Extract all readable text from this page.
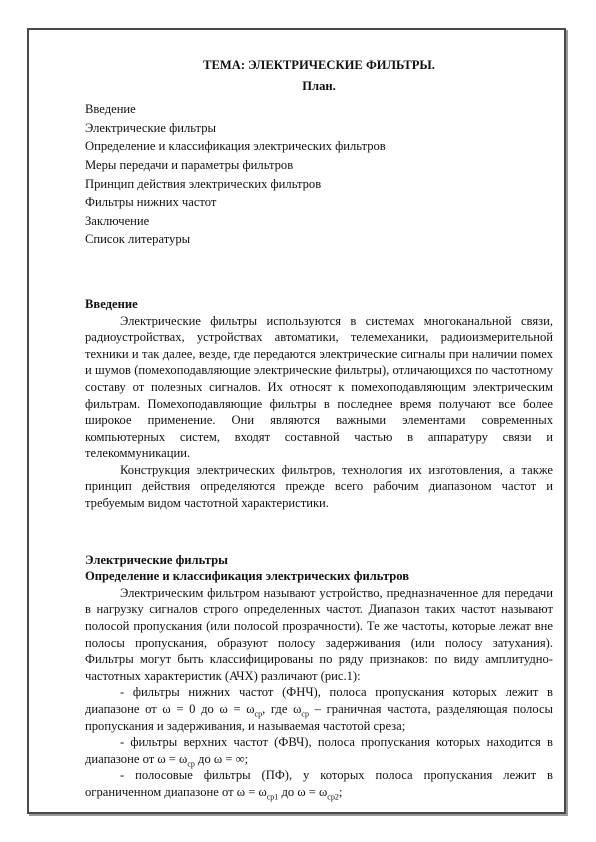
ТЕМА: ЭЛЕКТРИЧЕСКИЕ ФИЛЬТРЫ.

План.

Введение
Электрические фильтры
Определение и классификация электрических фильтров
Меры передачи и параметры фильтров
Принцип действия электрических фильтров
Фильтры нижних частот
Заключение
Список литературы

Введение

Электрические фильтры используются в системах многоканальной связи, радиоустройствах, устройствах автоматики, телемеханики, радиоизмерительной техники и так далее, везде, где передаются электрические сигналы при наличии помех и шумов (помехоподавляющие электрические фильтры), отличающихся по частотному составу от полезных сигналов. Их относят к помехоподавляющим электрическим фильтрам. Помехоподавляющие фильтры в последнее время получают все более широкое применение. Они являются важными элементами современных компьютерных систем, входят составной частью в аппаратуру связи и телекоммуникации.

Конструкция электрических фильтров, технология их изготовления, а также принцип действия определяются прежде всего рабочим диапазоном частот и требуемым видом частотной характеристики.

Электрические фильтры

Определение и классификация электрических фильтров

Электрическим фильтром называют устройство, предназначенное для передачи в нагрузку сигналов строго определенных частот. Диапазон таких частот называют полосой пропускания (или полосой прозрачности). Те же частоты, которые лежат вне полосы пропускания, образуют полосу задерживания (или полосу затухания). Фильтры могут быть классифицированы по ряду признаков: по виду амплитудно-частотных характеристик (АЧХ) различают (рис.1):

- фильтры нижних частот (ФНЧ), полоса пропускания которых лежит в диапазоне от ω = 0 до $\omega = \omega_{ср}$, где $\omega_{ср}$ – граничная частота, разделяющая полосы пропускания и задерживания, и называемая частотой среза;

- фильтры верхних частот (ФВЧ), полоса пропускания которых находится в диапазоне от $\omega = \omega_{ср}$ до ω = ∞;

- полосовые фильтры (ПФ), у которых полоса пропускания лежит в ограниченном диапазоне от $\omega = \omega_{ср1}$ до $\omega = \omega_{ср2}$;
